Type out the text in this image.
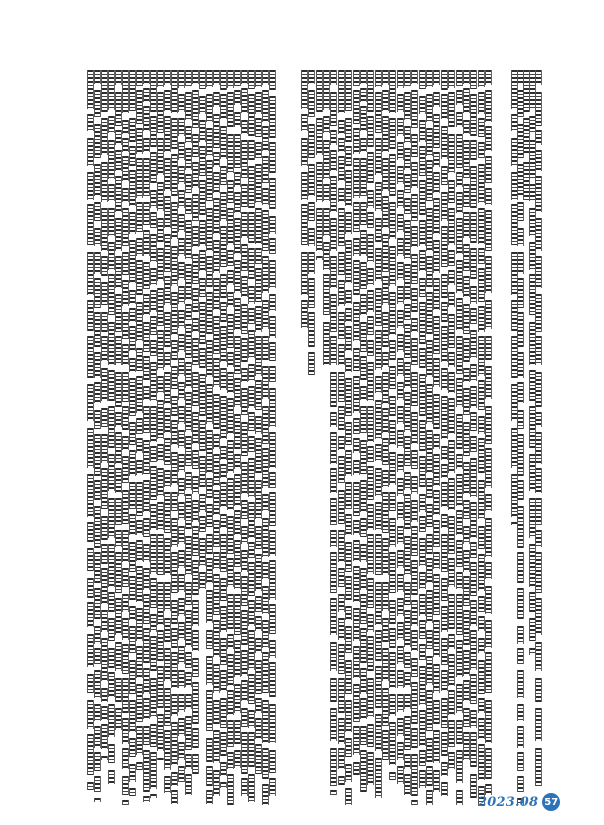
2023.08 57
